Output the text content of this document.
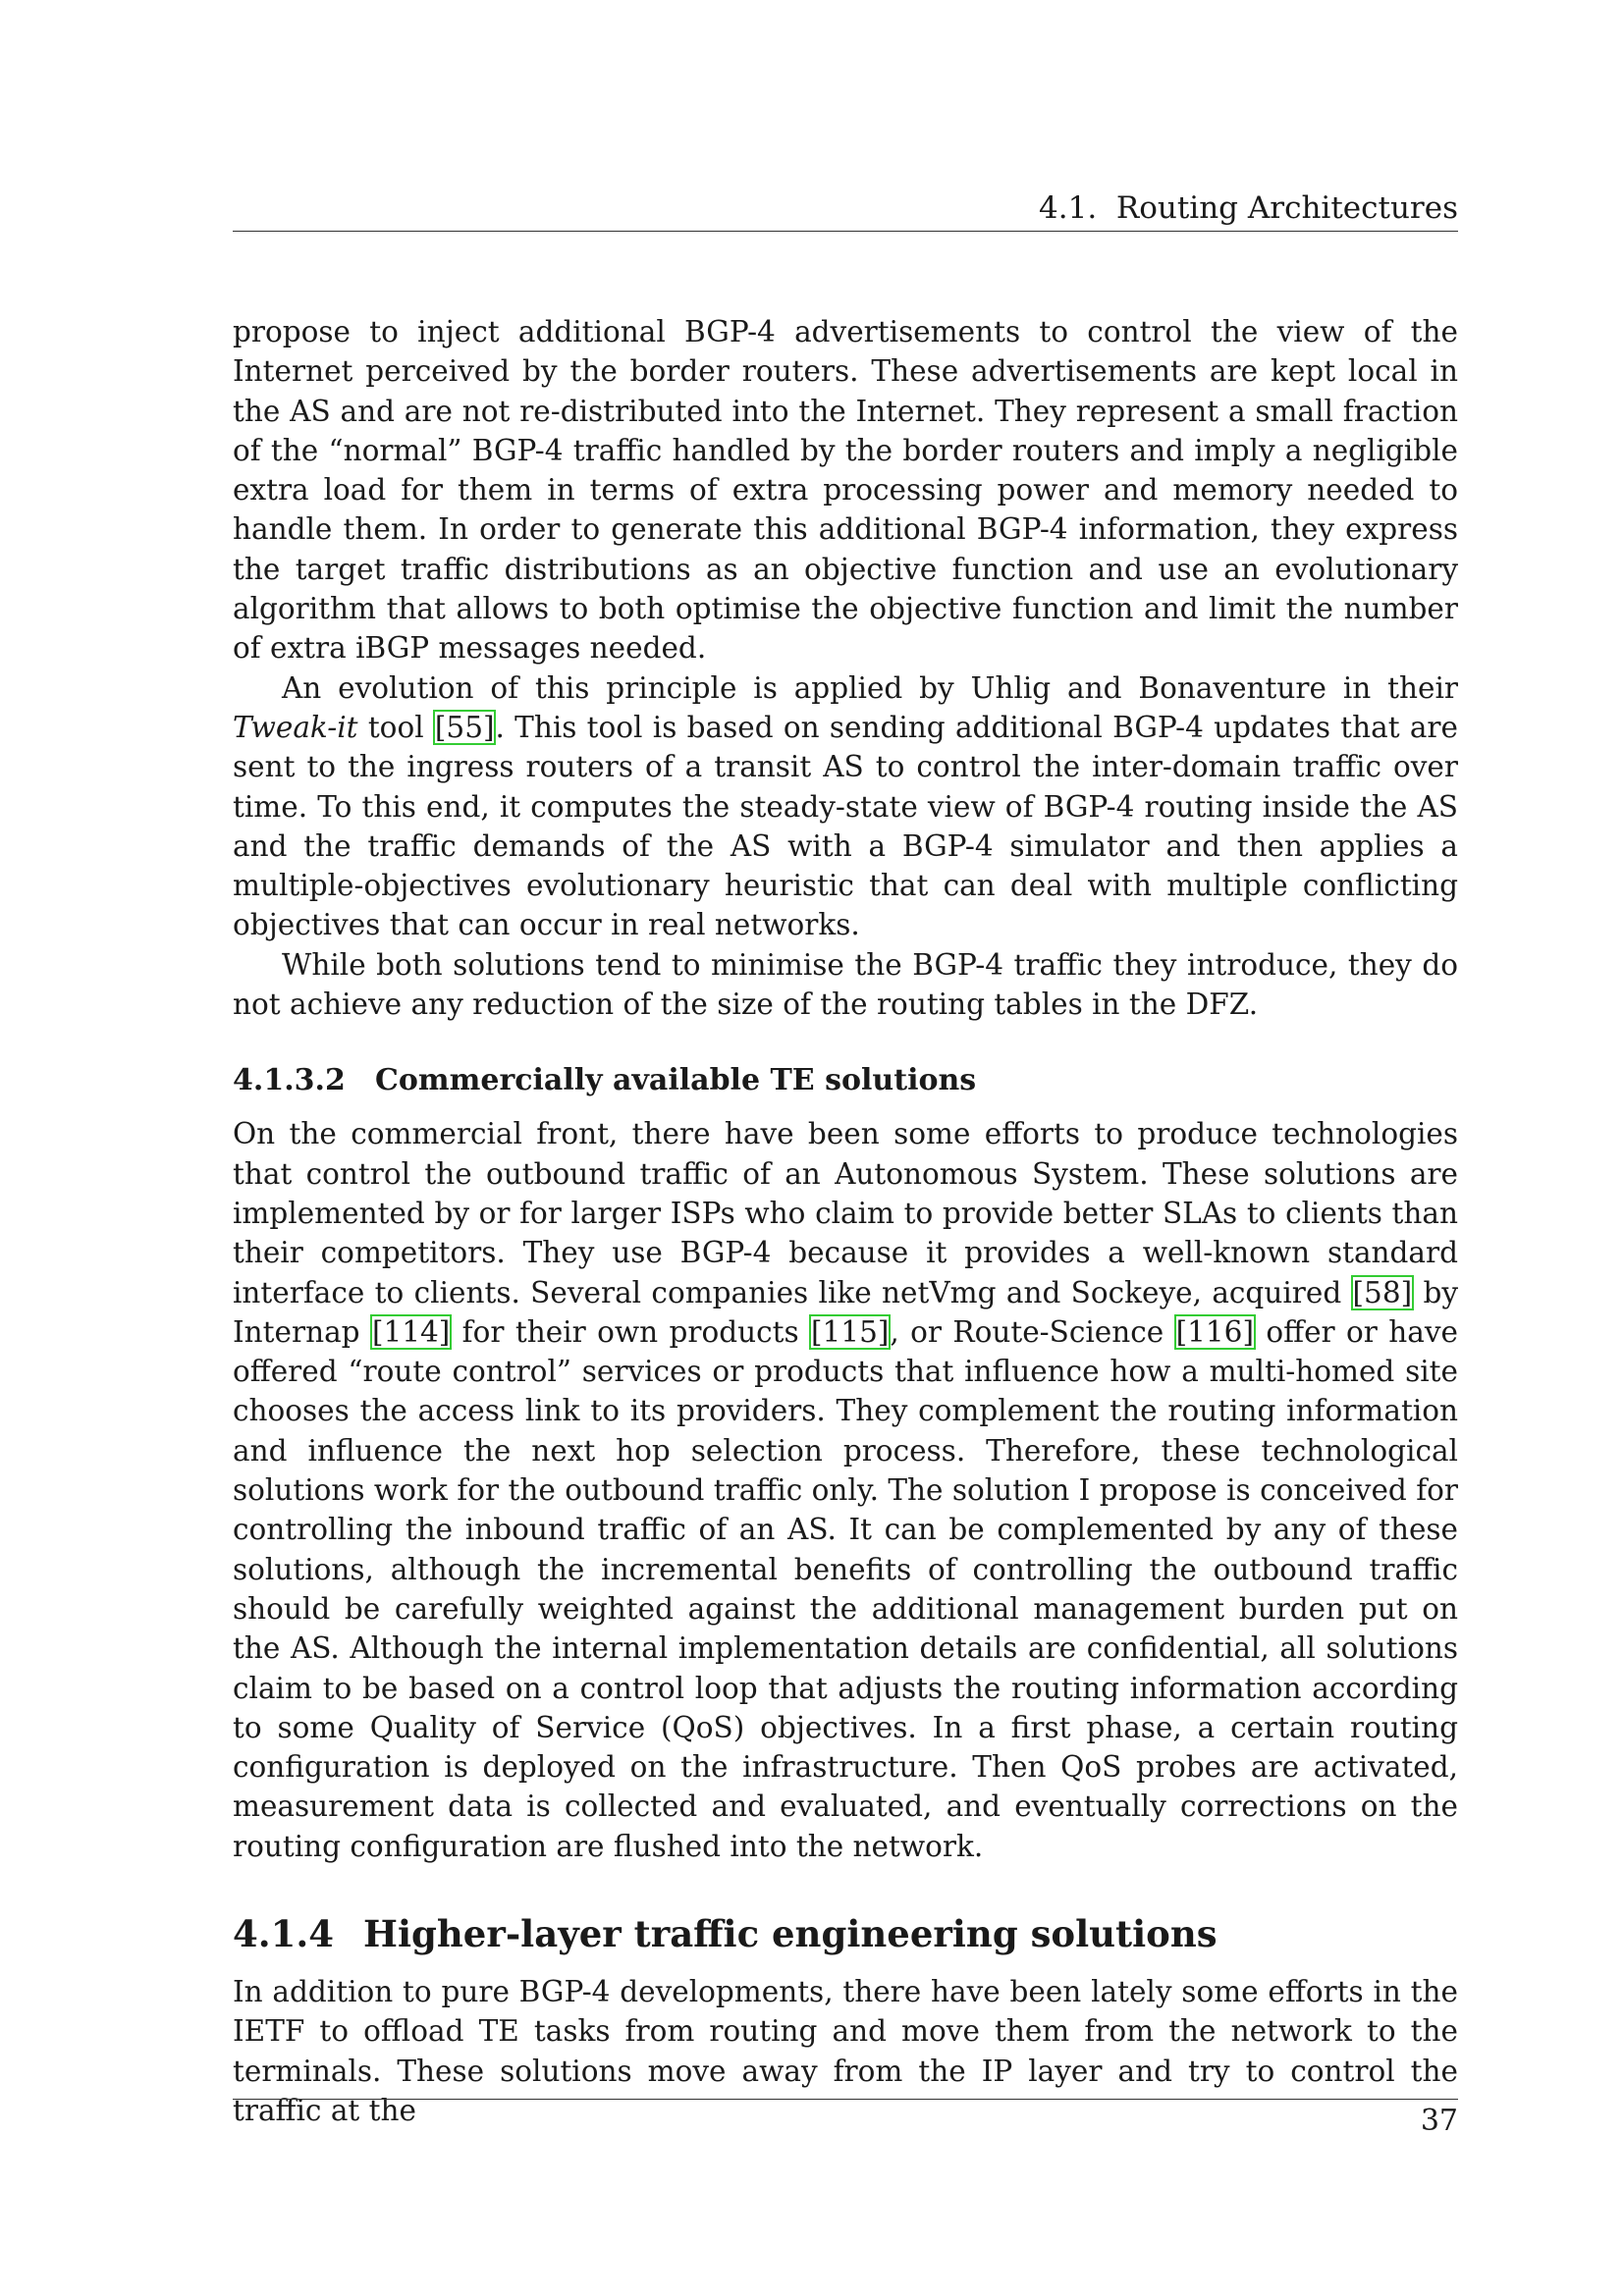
4.1.  Routing Architectures

propose to inject additional BGP-4 advertisements to control the view of the Internet perceived by the border routers. These advertisements are kept local in the AS and are not re-distributed into the Internet. They represent a small fraction of the “normal” BGP-4 traffic handled by the border routers and imply a negligible extra load for them in terms of extra processing power and memory needed to handle them. In order to generate this additional BGP-4 information, they express the target traffic distributions as an objective function and use an evolutionary algorithm that allows to both optimise the objective function and limit the number of extra iBGP messages needed.

An evolution of this principle is applied by Uhlig and Bonaventure in their Tweak-it tool [55]. This tool is based on sending additional BGP-4 updates that are sent to the ingress routers of a transit AS to control the inter-domain traffic over time. To this end, it computes the steady-state view of BGP-4 routing inside the AS and the traffic demands of the AS with a BGP-4 simulator and then applies a multiple-objectives evolutionary heuristic that can deal with multiple conflicting objectives that can occur in real networks.

While both solutions tend to minimise the BGP-4 traffic they introduce, they do not achieve any reduction of the size of the routing tables in the DFZ.

4.1.3.2 Commercially available TE solutions

On the commercial front, there have been some efforts to produce technologies that control the outbound traffic of an Autonomous System. These solutions are implemented by or for larger ISPs who claim to provide better SLAs to clients than their competitors. They use BGP-4 because it provides a well-known standard interface to clients. Several companies like netVmg and Sockeye, acquired [58] by Internap [114] for their own products [115], or Route-Science [116] offer or have offered “route control” services or products that influence how a multi-homed site chooses the access link to its providers. They complement the routing information and influence the next hop selection process. Therefore, these technological solutions work for the outbound traffic only. The solution I propose is conceived for controlling the inbound traffic of an AS. It can be complemented by any of these solutions, although the incremental benefits of controlling the outbound traffic should be carefully weighted against the additional management burden put on the AS. Although the internal implementation details are confidential, all solutions claim to be based on a control loop that adjusts the routing information according to some Quality of Service (QoS) objectives. In a first phase, a certain routing configuration is deployed on the infrastructure. Then QoS probes are activated, measurement data is collected and evaluated, and eventually corrections on the routing configuration are flushed into the network.

4.1.4 Higher-layer traffic engineering solutions

In addition to pure BGP-4 developments, there have been lately some efforts in the IETF to offload TE tasks from routing and move them from the network to the terminals. These solutions move away from the IP layer and try to control the traffic at the	37
